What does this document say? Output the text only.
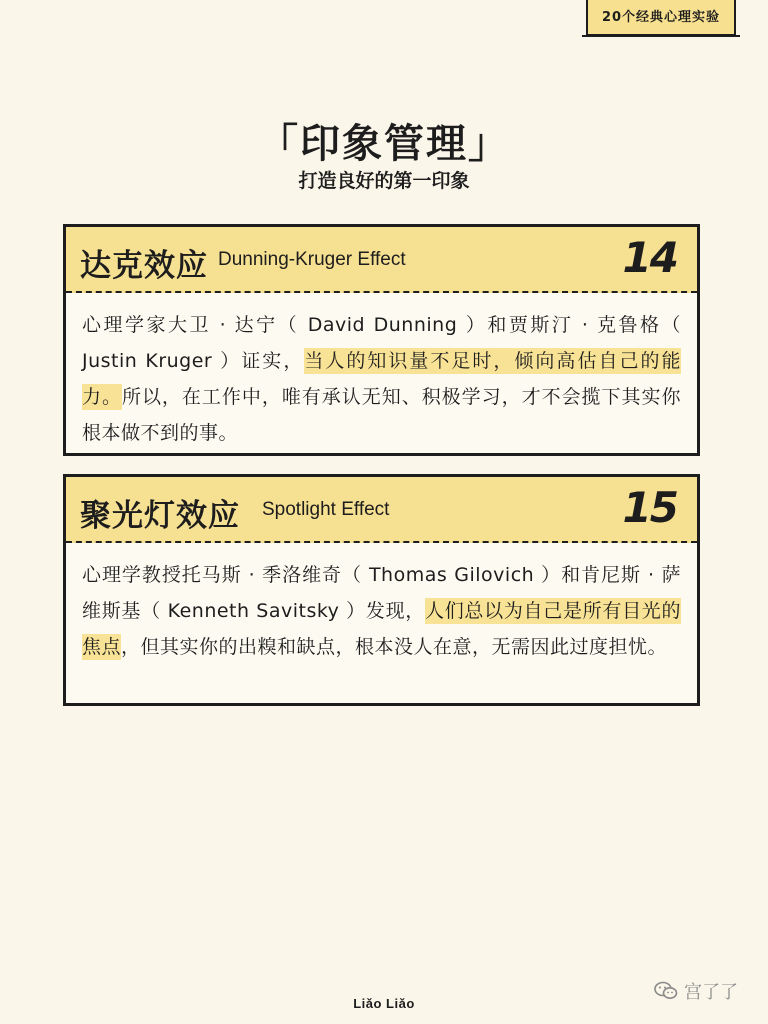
20个经典心理实验
「印象管理」
打造良好的第一印象
达克效应 Dunning-Kruger Effect	14
心理学家大卫 · 达宁（ David Dunning ）和贾斯汀 · 克鲁格（ Justin Kruger ）证实，当人的知识量不足时，倾向高估自己的能力。所以，在工作中，唯有承认无知、积极学习，才不会揽下其实你根本做不到的事。
聚光灯效应 Spotlight Effect	15
心理学教授托马斯 · 季洛维奇（ Thomas Gilovich ）和肯尼斯 · 萨维斯基（ Kenneth Savitsky ）发现，人们总以为自己是所有目光的焦点，但其实你的出糗和缺点，根本没人在意，无需因此过度担忧。
Liǎo Liǎo
宫了了
